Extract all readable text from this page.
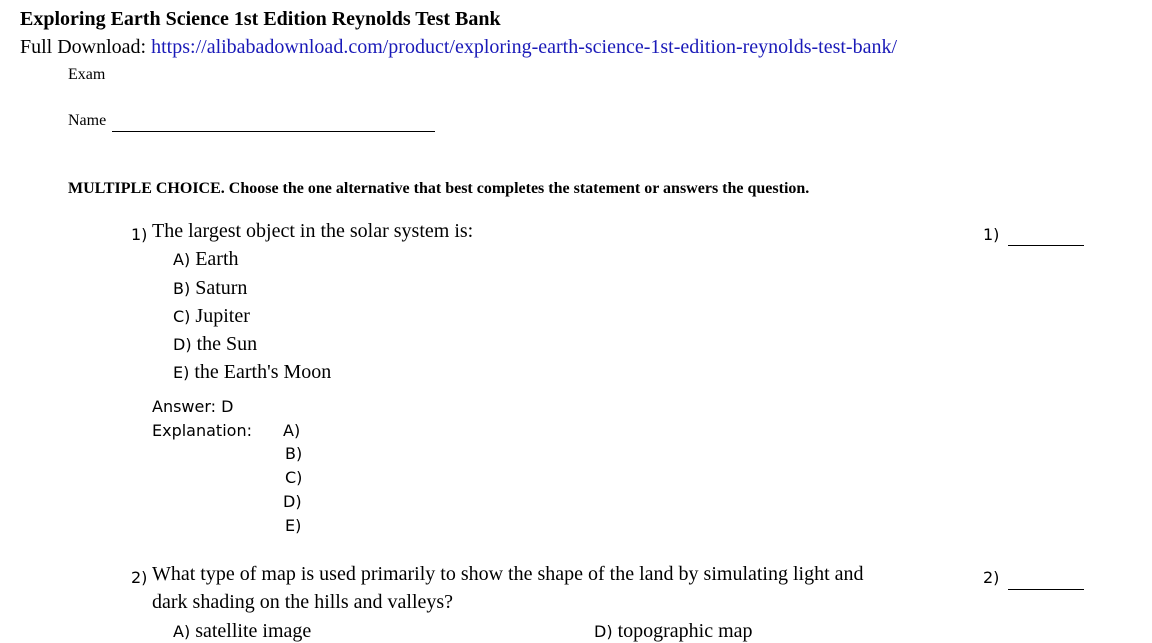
Exploring Earth Science 1st Edition Reynolds Test Bank
Full Download: https://alibabadownload.com/product/exploring-earth-science-1st-edition-reynolds-test-bank/
Exam
Name
MULTIPLE CHOICE. Choose the one alternative that best completes the statement or answers the question.
1) The largest object in the solar system is:	1)
A) Earth
B) Saturn
C) Jupiter
D) the Sun
E) the Earth's Moon
Answer: D
Explanation: A)
B)
C)
D)
E)
2) What type of map is used primarily to show the shape of the land by simulating light and
dark shading on the hills and valleys?
2)
A) satellite image	D) topographic map
